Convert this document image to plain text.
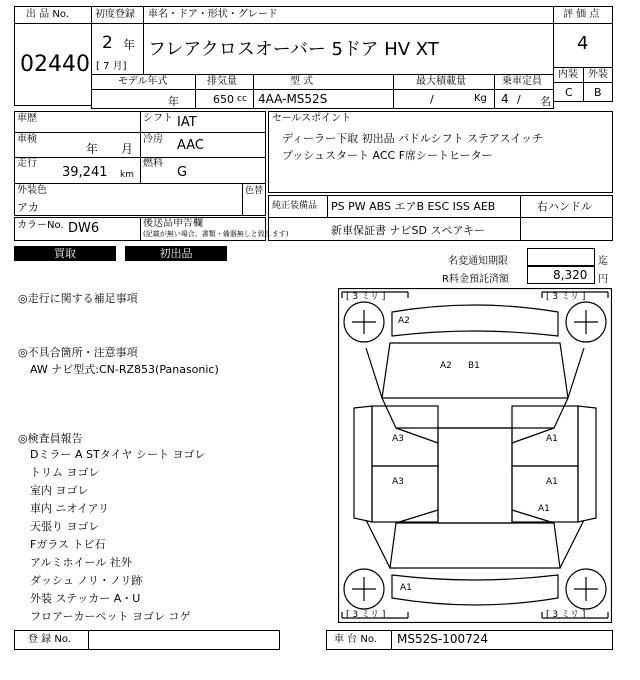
出 品 No.
02440
初度登録 車名・ドア・形状・グレード
2 年
[ 7 月]
フレアクロスオーバー 5ドア HV XT
評 価 点
4
内装 外装
C B
モデル年式	排気量	型 式	最大積載量	乗車定員
年	650 cc 4AA-MS52S	/	Kg 4 / 名
車歴	シフト IAT
車検
年 月
冷房 AAC
走行
39,241 km
燃料
G
外装色
アカ
色替
カラーNo. DW6	後送品申告欄
(記載が無い場合、書類・備器無しと致します)
セールスポイント
ディーラー下取 初出品 パドルシフト ステアスイッチ
プッシュスタート ACC F席シートヒーター
純正装備品 PS PW ABS エアB ESC ISS AEB	右ハンドル
新車保証書 ナビSD スペアキー
買取	初出品
名変通知期限	迄
R料金預託済額	8,320 円
◎走行に関する補足事項
◎不具合箇所・注意事項
AW ナビ型式:CN-RZ853(Panasonic)
◎検査員報告
Dミラー A STタイヤ シート ヨゴレ
トリム ヨゴレ
室内 ヨゴレ
車内 ニオイアリ
天張り ヨゴレ
Fガラス トビ石
アルミホイール 社外
ダッシュ ノリ・ノリ跡
外装 ステッカー A・U
フロアーカーペット ヨゴレ コゲ
[ 3 ミリ ]	[ 3 ミリ ]
[ 3 ミリ ]	[ 3 ミリ ]
A2
A2 B1
A3
A3
A1
A1
A1
A1
登 録 No.	車 台 No. MS52S-100724
